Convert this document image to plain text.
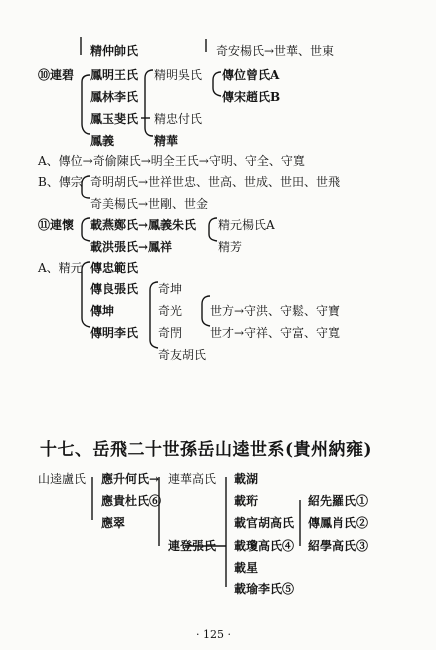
精仲帥氏	奇安楊氏→世華、世東
⑩連碧 鳳明王氏 精明吳氏 傳位曾氏A
鳳林李氏	傳宋趙氏B
鳳玉斐氏 精忠付氏
鳳義	精華
A、傳位→奇偷陳氏→明全王氏→守明、守全、守寬
B、傳宗 奇明胡氏→世祥世忠、世高、世成、世田、世飛
奇美楊氏→世剛、世金
⑪連懷 載燕鄭氏→鳳義朱氏 精元楊氏A
載洪張氏→鳳祥	精芳
A、精元 傳忠範氏
傳良張氏 奇坤
傳坤	奇光 世方→守洪、守鬆、守寶
傳明李氏 奇閅 世才→守祥、守富、守寬
奇友胡氏
十七、岳飛二十世孫岳山逵世系(貴州納雍)
山逵盧氏 應升何氏→ 連華高氏 載湖
應貴杜氏⑥	載珩	紹先羅氏①
應翠	載官胡高氏 傳鳳肖氏②
連登張氏 載瓊高氏④ 紹學高氏③
載星
載瑜李氏⑤
· 125 ·
